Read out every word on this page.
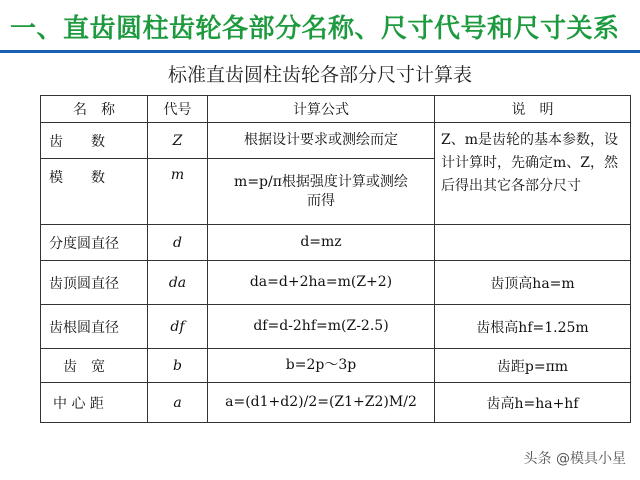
一、直齿圆柱齿轮各部分名称、尺寸代号和尺寸关系
标准直齿圆柱齿轮各部分尺寸计算表
名　称	代号	计算公式	说　明
齿　　数	Z	根据设计要求或测绘而定	Z、m是齿轮的基本参数，设计计算时，先确定m、Z，然后得出其它各部分尺寸
模　　数	m	m=p/π根据强度计算或测绘而得	
分度圆直径	d	d=mz	
齿顶圆直径	da	da=d+2ha=m(Z+2)	齿顶高ha=m
齿根圆直径	df	df=d-2hf=m(Z-2.5)	齿根高hf=1.25m
齿　宽	b	b=2p～3p	齿距p=πm
中 心 距	a	a=(d1+d2)/2=(Z1+Z2)M/2	齿高h=ha+hf
头条 @模具小星
